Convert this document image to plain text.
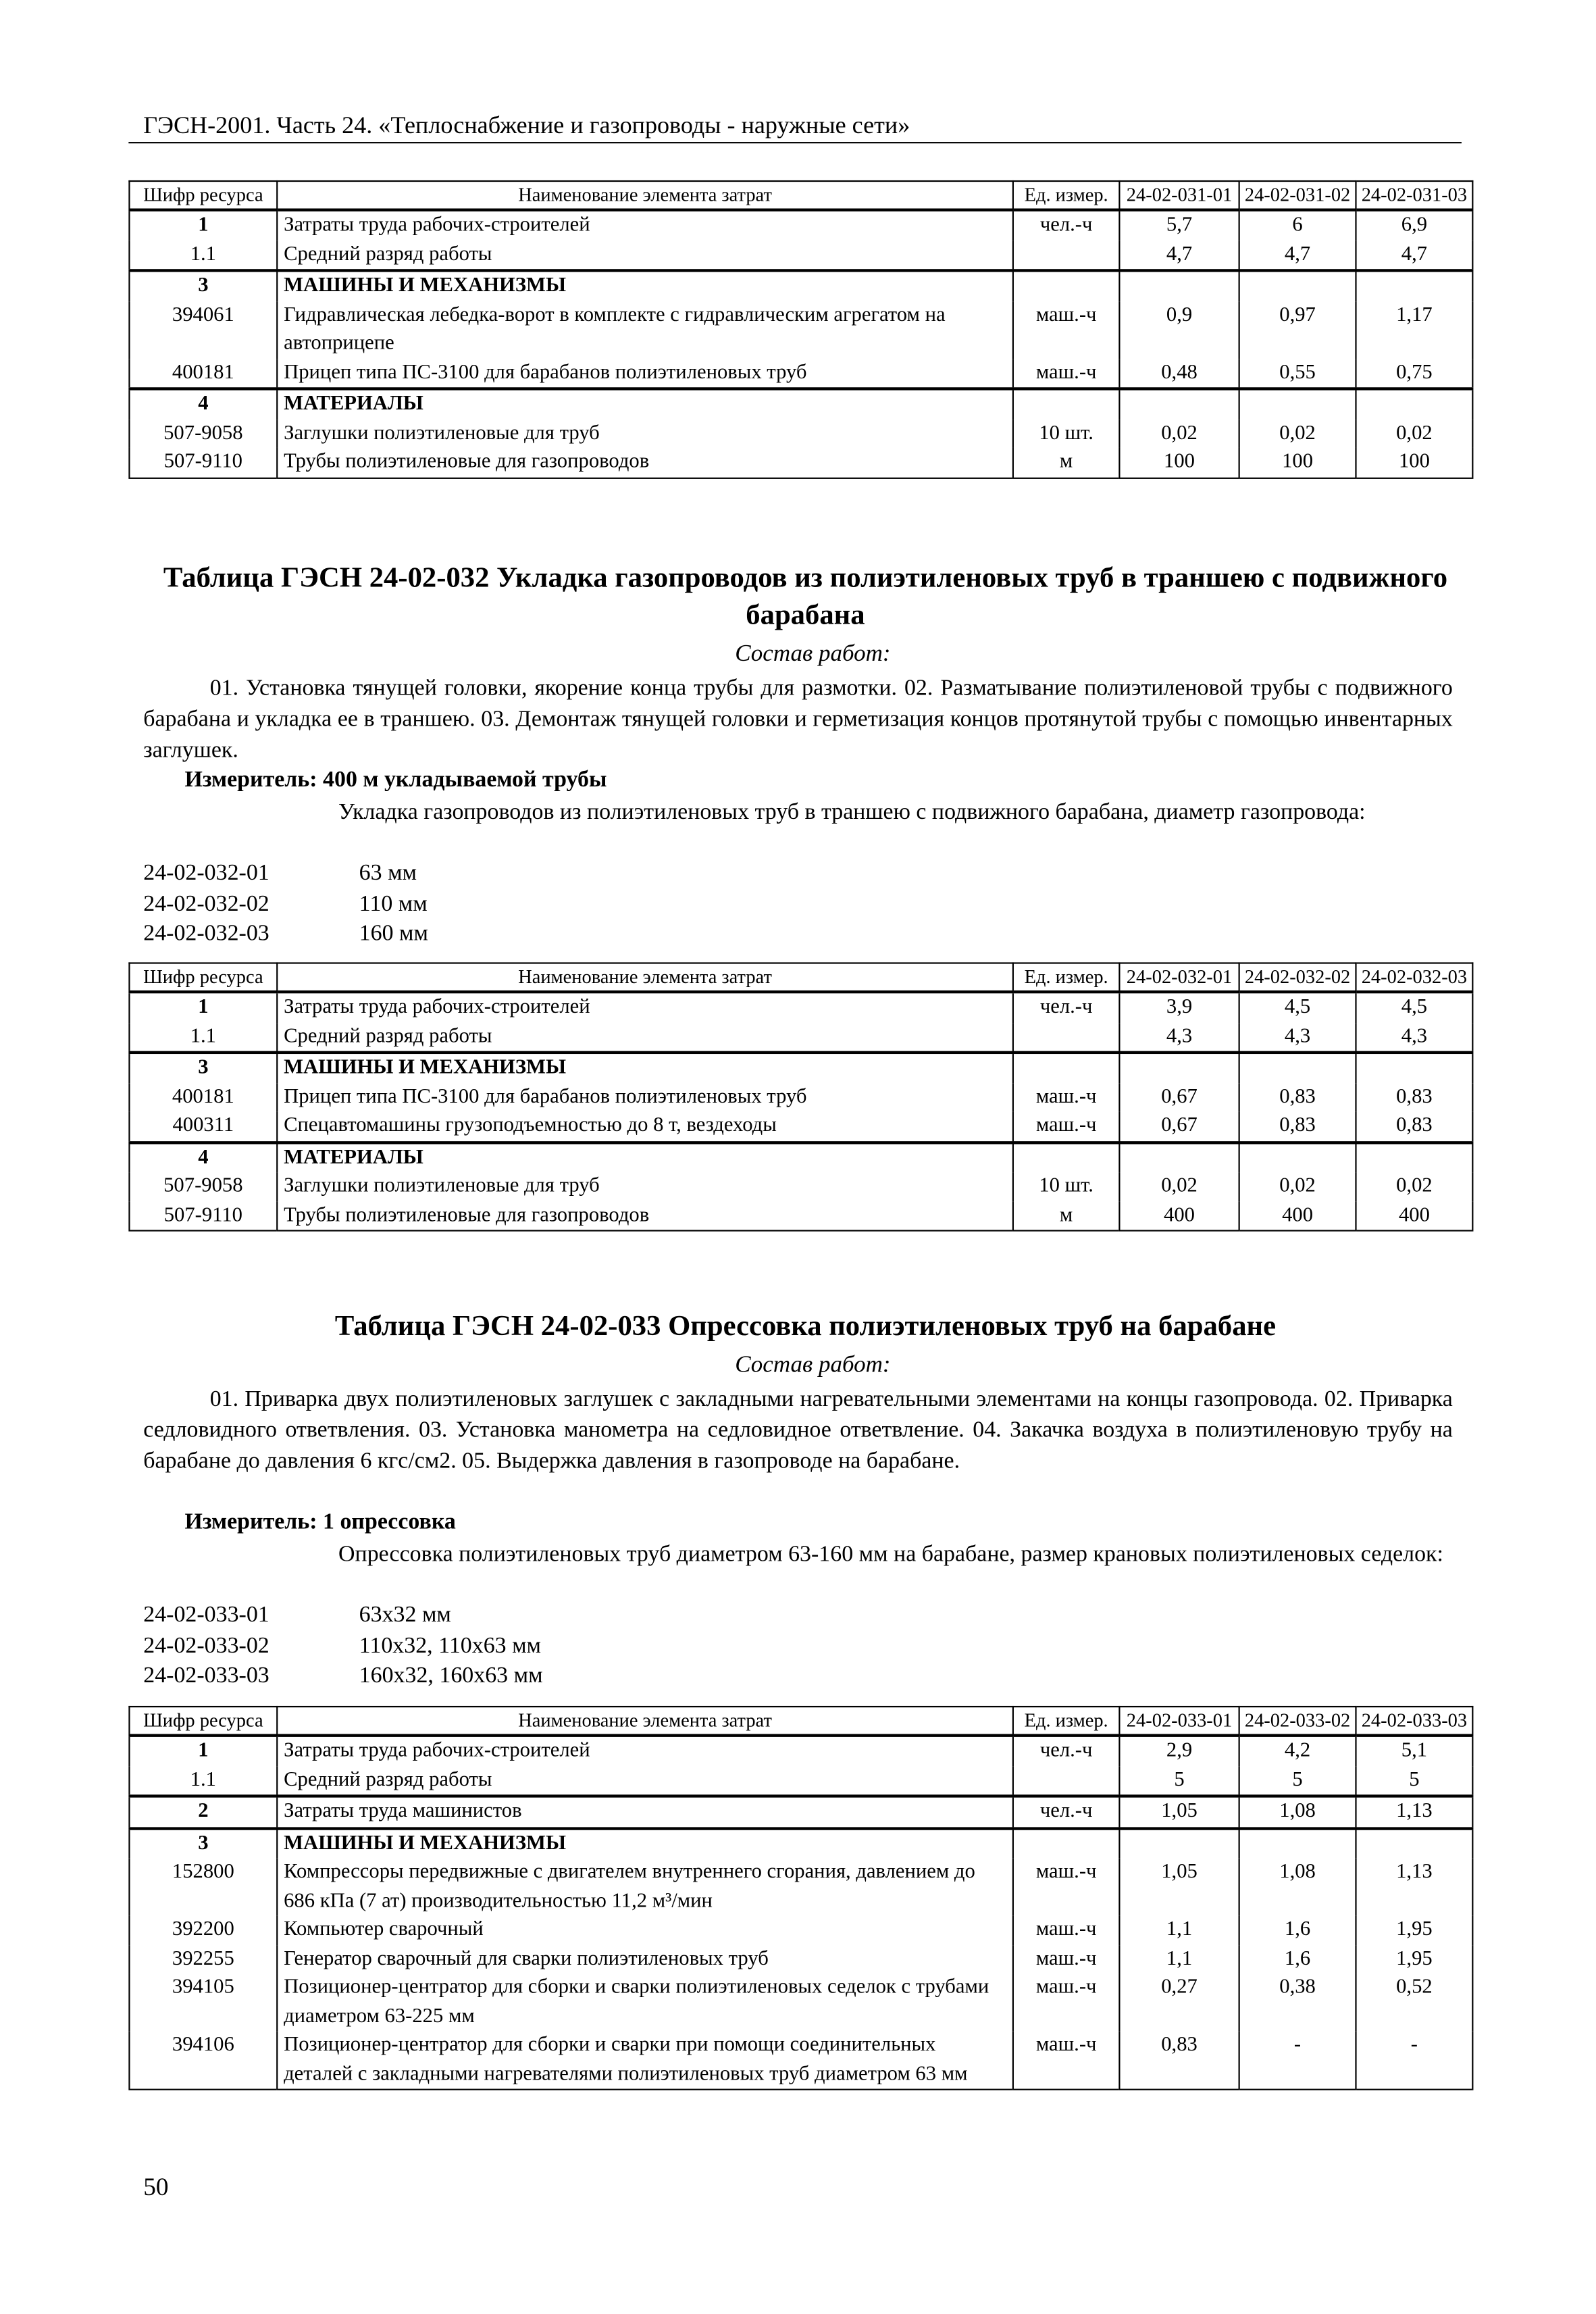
ГЭСН-2001. Часть 24. «Теплоснабжение и газопроводы - наружные сети»
Шифр ресурса	Наименование элемента затрат	Ед. измер.	24-02-031-01	24-02-031-02	24-02-031-03
1	Затраты труда рабочих-строителей	чел.-ч	5,7	6	6,9
1.1	Средний разряд работы		4,7	4,7	4,7
3	МАШИНЫ И МЕХАНИЗМЫ				
394061	Гидравлическая лебедка-ворот в комплекте с гидравлическим агрегатом на автоприцепе	маш.-ч	0,9	0,97	1,17
400181	Прицеп типа ПС-3100 для барабанов полиэтиленовых труб	маш.-ч	0,48	0,55	0,75
4	МАТЕРИАЛЫ				
507-9058	Заглушки полиэтиленовые для труб	10 шт.	0,02	0,02	0,02
507-9110	Трубы полиэтиленовые для газопроводов	м	100	100	100
Таблица ГЭСН 24-02-032 Укладка газопроводов из полиэтиленовых труб в траншею с подвижного барабана
Состав работ:
01. Установка тянущей головки, якорение конца трубы для размотки. 02. Разматывание полиэтиленовой трубы с подвижного барабана и укладка ее в траншею. 03. Демонтаж тянущей головки и герметизация концов протянутой трубы с помощью инвентарных заглушек.
Измеритель: 400 м укладываемой трубы
Укладка газопроводов из полиэтиленовых труб в траншею с подвижного барабана, диаметр газопровода:
24-02-032-01	63 мм
24-02-032-02	110 мм
24-02-032-03	160 мм
Шифр ресурса	Наименование элемента затрат	Ед. измер.	24-02-032-01	24-02-032-02	24-02-032-03
1	Затраты труда рабочих-строителей	чел.-ч	3,9	4,5	4,5
1.1	Средний разряд работы		4,3	4,3	4,3
3	МАШИНЫ И МЕХАНИЗМЫ				
400181	Прицеп типа ПС-3100 для барабанов полиэтиленовых труб	маш.-ч	0,67	0,83	0,83
400311	Спецавтомашины грузоподъемностью до 8 т, вездеходы	маш.-ч	0,67	0,83	0,83
4	МАТЕРИАЛЫ				
507-9058	Заглушки полиэтиленовые для труб	10 шт.	0,02	0,02	0,02
507-9110	Трубы полиэтиленовые для газопроводов	м	400	400	400
Таблица ГЭСН 24-02-033 Опрессовка полиэтиленовых труб на барабане
Состав работ:
01. Приварка двух полиэтиленовых заглушек с закладными нагревательными элементами на концы газопровода. 02. Приварка седловидного ответвления. 03. Установка манометра на седловидное ответвление. 04. Закачка воздуха в полиэтиленовую трубу на барабане до давления 6 кгс/см2. 05. Выдержка давления в газопроводе на барабане.
Измеритель: 1 опрессовка
Опрессовка полиэтиленовых труб диаметром 63-160 мм на барабане, размер крановых полиэтиленовых седелок:
24-02-033-01	63x32 мм
24-02-033-02	110x32, 110x63 мм
24-02-033-03	160x32, 160x63 мм
Шифр ресурса	Наименование элемента затрат	Ед. измер.	24-02-033-01	24-02-033-02	24-02-033-03
1	Затраты труда рабочих-строителей	чел.-ч	2,9	4,2	5,1
1.1	Средний разряд работы		5	5	5
2	Затраты труда машинистов	чел.-ч	1,05	1,08	1,13
3	МАШИНЫ И МЕХАНИЗМЫ				
152800	Компрессоры передвижные с двигателем внутреннего сгорания, давлением до 686 кПа (7 ат) производительностью 11,2 м³/мин	маш.-ч	1,05	1,08	1,13
392200	Компьютер сварочный	маш.-ч	1,1	1,6	1,95
392255	Генератор сварочный для сварки полиэтиленовых труб	маш.-ч	1,1	1,6	1,95
394105	Позиционер-центратор для сборки и сварки полиэтиленовых седелок с трубами диаметром 63-225 мм	маш.-ч	0,27	0,38	0,52
394106	Позиционер-центратор для сборки и сварки при помощи соединительных деталей с закладными нагревателями полиэтиленовых труб диаметром 63 мм	маш.-ч	0,83	-	-
50
